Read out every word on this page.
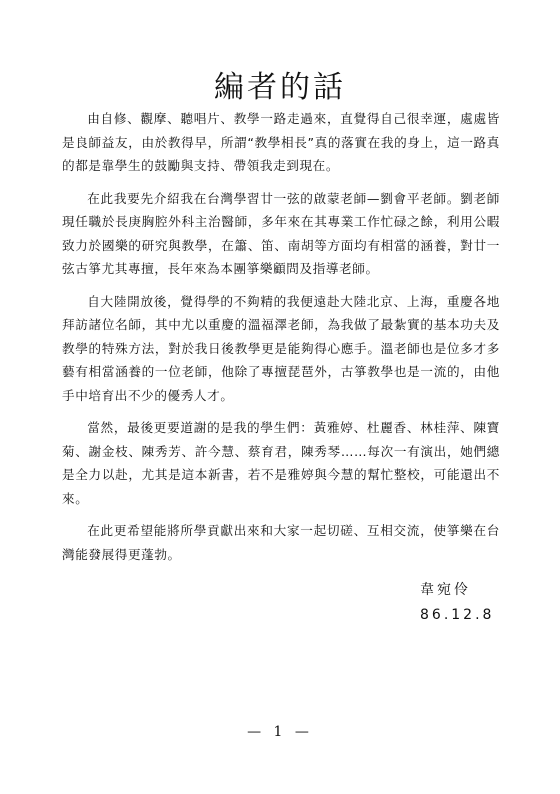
編者的話

由自修、觀摩、聽唱片、教學一路走過來，直覺得自己很幸運，處處皆是良師益友，由於教得早，所謂“教學相長”真的落實在我的身上，這一路真的都是靠學生的鼓勵與支持、帶領我走到現在。

在此我要先介紹我在台灣學習廿一弦的啟蒙老師—劉會平老師。劉老師現任職於長庚胸腔外科主治醫師，多年來在其專業工作忙碌之餘，利用公暇致力於國樂的研究與教學，在簫、笛、南胡等方面均有相當的涵養，對廿一弦古箏尤其專擅，長年來為本團箏樂顧問及指導老師。

自大陸開放後，覺得學的不夠精的我便遠赴大陸北京、上海，重慶各地拜訪諸位名師，其中尤以重慶的溫福澤老師，為我做了最紮實的基本功夫及教學的特殊方法，對於我日後教學更是能夠得心應手。溫老師也是位多才多藝有相當涵養的一位老師，他除了專擅琵琶外，古箏教學也是一流的，由他手中培育出不少的優秀人才。

當然，最後更要道謝的是我的學生們：黃雅婷、杜麗香、林桂萍、陳寶菊、謝金枝、陳秀芳、許今慧、蔡育君，陳秀琴……每次一有演出，她們總是全力以赴，尤其是這本新書，若不是雅婷與今慧的幫忙整校，可能還出不來。

在此更希望能將所學貢獻出來和大家一起切磋、互相交流，使箏樂在台灣能發展得更蓬勃。

韋宛伶
86.12.8
— 1 —
